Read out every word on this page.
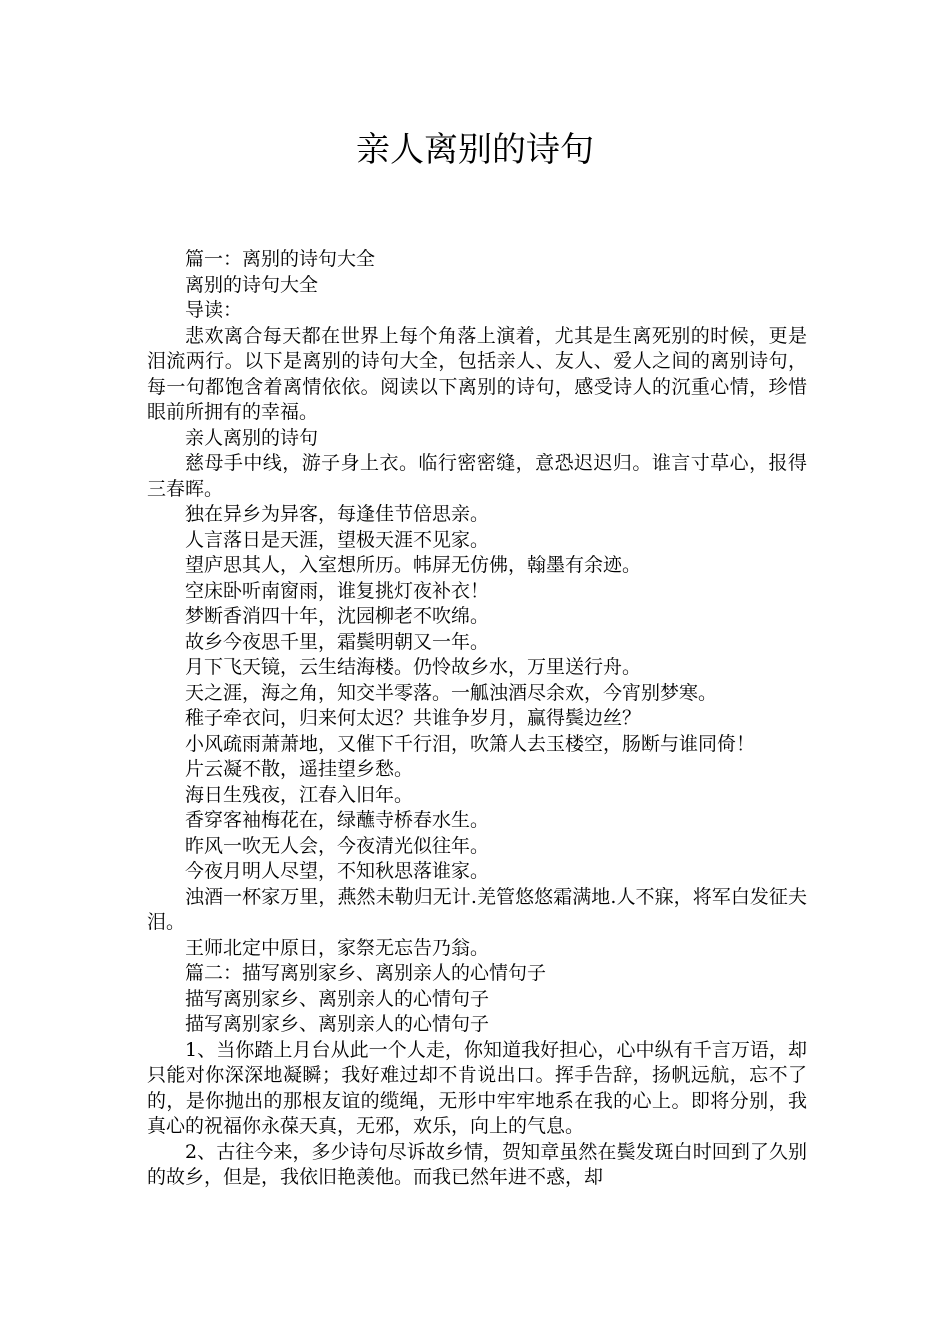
亲人离别的诗句

篇一：离别的诗句大全

离别的诗句大全

导读：

悲欢离合每天都在世界上每个角落上演着，尤其是生离死别的时候，更是泪流两行。以下是离别的诗句大全，包括亲人、友人、爱人之间的离别诗句，每一句都饱含着离情依依。阅读以下离别的诗句，感受诗人的沉重心情，珍惜眼前所拥有的幸福。

亲人离别的诗句

慈母手中线，游子身上衣。临行密密缝，意恐迟迟归。谁言寸草心，报得三春晖。

独在异乡为异客，每逢佳节倍思亲。

人言落日是天涯，望极天涯不见家。

望庐思其人，入室想所历。帏屏无仿佛，翰墨有余迹。

空床卧听南窗雨，谁复挑灯夜补衣！

梦断香消四十年，沈园柳老不吹绵。

故乡今夜思千里，霜鬓明朝又一年。

月下飞天镜，云生结海楼。仍怜故乡水，万里送行舟。

天之涯，海之角，知交半零落。一觚浊酒尽余欢，今宵别梦寒。

稚子牵衣问，归来何太迟？共谁争岁月，赢得鬓边丝？

小风疏雨萧萧地，又催下千行泪，吹箫人去玉楼空，肠断与谁同倚！

片云凝不散，遥挂望乡愁。

海日生残夜，江春入旧年。

香穿客袖梅花在，绿蘸寺桥春水生。

昨风一吹无人会，今夜清光似往年。

今夜月明人尽望，不知秋思落谁家。

浊酒一杯家万里，燕然未勒归无计.羌管悠悠霜满地.人不寐，将军白发征夫泪。

王师北定中原日，家祭无忘告乃翁。

篇二：描写离别家乡、离别亲人的心情句子

描写离别家乡、离别亲人的心情句子

描写离别家乡、离别亲人的心情句子

1、当你踏上月台从此一个人走，你知道我好担心，心中纵有千言万语，却只能对你深深地凝瞬；我好难过却不肯说出口。挥手告辞，扬帆远航，忘不了的，是你抛出的那根友谊的缆绳，无形中牢牢地系在我的心上。即将分别，我真心的祝福你永葆天真，无邪，欢乐，向上的气息。

2、古往今来，多少诗句尽诉故乡情，贺知章虽然在鬓发斑白时回到了久别的故乡，但是，我依旧艳羡他。而我已然年进不惑，却
